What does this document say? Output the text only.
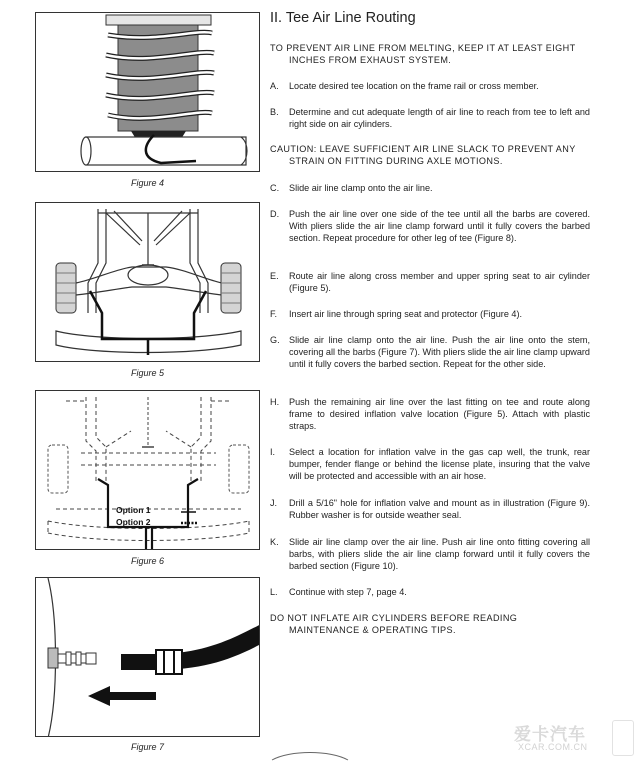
Figure 4
Figure 5
Option 1
Option 2
Figure 6
Figure 7
II. Tee Air Line Routing
TO PREVENT AIR LINE FROM MELTING, KEEP IT AT LEAST EIGHT INCHES FROM EXHAUST SYSTEM.
A. Locate desired tee location on the frame rail or cross member.
B. Determine and cut adequate length of air line to reach from tee to left and right side on air cylinders.
CAUTION: LEAVE SUFFICIENT AIR LINE SLACK TO PREVENT ANY STRAIN ON FITTING DURING AXLE MOTIONS.
C. Slide air line clamp onto the air line.
D. Push the air line over one side of the tee until all the barbs are covered. With pliers slide the air line clamp forward until it fully covers the barbed section. Repeat procedure for other leg of tee (Figure 8).
E. Route air line along cross member and upper spring seat to air cylinder (Figure 5).
F. Insert air line through spring seat and protector (Figure 4).
G. Slide air line clamp onto the air line. Push the air line onto the stem, covering all the barbs (Figure 7). With pliers slide the air line clamp upward until it fully covers the barbed section. Repeat for the other side.
H. Push the remaining air line over the last fitting on tee and route along frame to desired inflation valve location (Figure 5). Attach with plastic straps.
I. Select a location for inflation valve in the gas cap well, the trunk, rear bumper, fender flange or behind the license plate, insuring that the valve will be protected and accessible with an air hose.
J. Drill a 5/16" hole for inflation valve and mount as in illustration (Figure 9). Rubber washer is for outside weather seal.
K. Slide air line clamp over the air line. Push air line onto fitting covering all barbs, with pliers slide the air line clamp forward until it fully covers the barbed section (Figure 10).
L. Continue with step 7, page 4.
DO NOT INFLATE AIR CYLINDERS BEFORE READING MAINTENANCE & OPERATING TIPS.
爱卡汽车
XCAR.COM.CN
